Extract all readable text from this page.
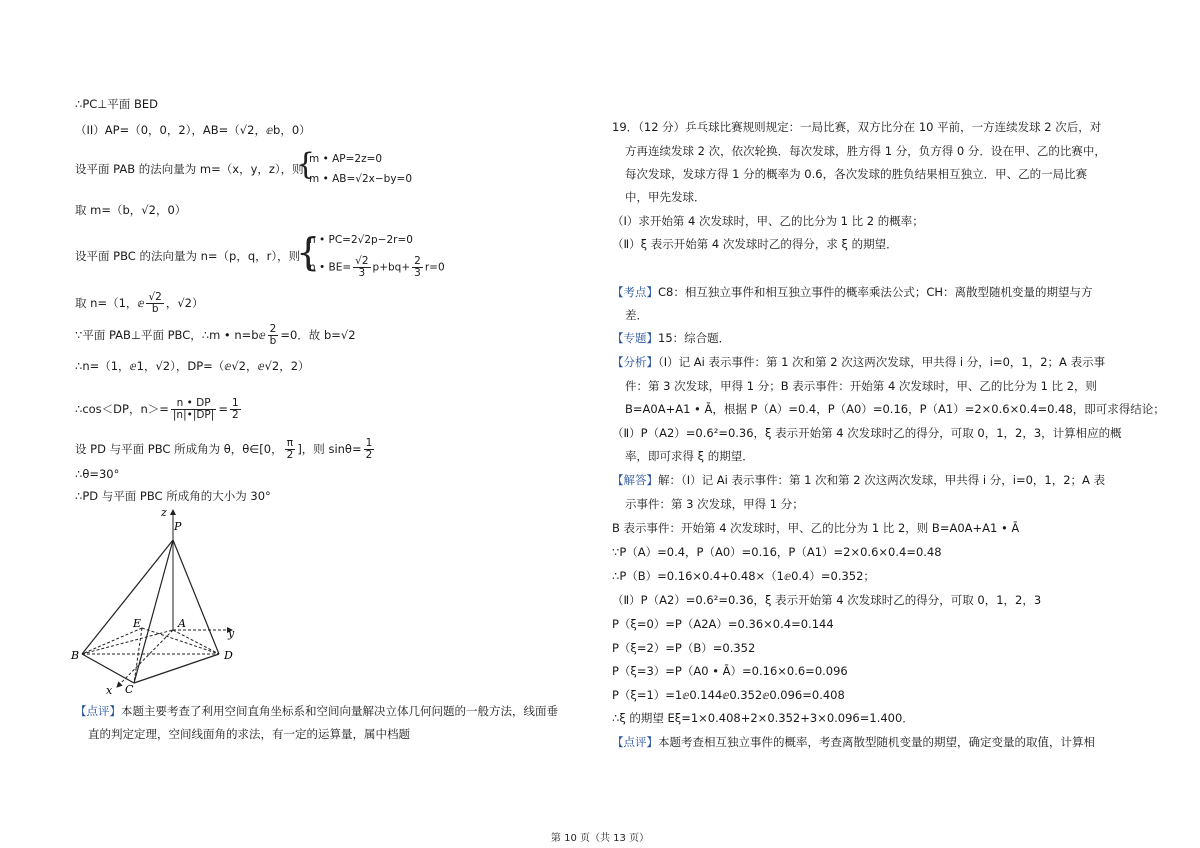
∴PC⊥平面 BED
（II）AP=（0，0，2），AB=（√2，ⅇb，0）
设平面 PAB 的法向量为 m=（x，y，z），则
{
m • AP=2z=0
m • AB=√2x−by=0
取 m=（b，√2，0）
设平面 PBC 的法向量为 n=（p，q，r），则
{
n • PC=2√2p−2r=0
n • $BE= \frac{√2}{3} p+bq+ \frac{2}{3} r=0$
取 n=（1，ⅇ $\frac{√2}{b}$ ，√2）
∵平面 PAB⊥平面 PBC，∴m • n=bⅇ $\frac{2}{b} =0$．故 b=√2
∴n=（1，ⅇ1，√2），DP=（ⅇ√2，ⅇ√2，2）
∴cos＜DP，$n>= \frac{n • DP}{|n|•|DP|} = \frac{1}{2}$
设 PD 与平面 PBC 所成角为 θ，θ∈[0， $\frac{\pi}{2}$ ]，则 $\sin\theta= \frac{1}{2}$
∴θ=30°
∴PD 与平面 PBC 所成角的大小为 30°
z
P
E	A
y
B	D
x C
【点评】本题主要考查了利用空间直角坐标系和空间向量解决立体几何问题的一般方法，线面垂
直的判定定理，空间线面角的求法，有一定的运算量，属中档题
19．（12 分）乒乓球比赛规则规定：一局比赛，双方比分在 10 平前，一方连续发球 2 次后，对
方再连续发球 2 次，依次轮换．每次发球，胜方得 1 分，负方得 0 分．设在甲、乙的比赛中，
每次发球，发球方得 1 分的概率为 0.6，各次发球的胜负结果相互独立．甲、乙的一局比赛
中，甲先发球．
（Ⅰ）求开始第 4 次发球时，甲、乙的比分为 1 比 2 的概率；
（Ⅱ）ξ 表示开始第 4 次发球时乙的得分，求 ξ 的期望．
【考点】C8：相互独立事件和相互独立事件的概率乘法公式；CH：离散型随机变量的期望与方
差．
【专题】15：综合题．
【分析】（Ⅰ）记 Ai 表示事件：第 1 次和第 2 次这两次发球，甲共得 i 分，i=0，1，2；A 表示事
件：第 3 次发球，甲得 1 分；B 表示事件：开始第 4 次发球时，甲、乙的比分为 1 比 2，则
B=A0A+A1 • Ā，根据 P（A）=0.4，P（A0）=0.16，P（A1）=2×0.6×0.4=0.48，即可求得结论；
（Ⅱ）P（A2）=0.6²=0.36，ξ 表示开始第 4 次发球时乙的得分，可取 0，1，2，3，计算相应的概
率，即可求得 ξ 的期望．
【解答】解：（Ⅰ）记 Ai 表示事件：第 1 次和第 2 次这两次发球，甲共得 i 分，i=0，1，2；A 表
示事件：第 3 次发球，甲得 1 分；
B 表示事件：开始第 4 次发球时，甲、乙的比分为 1 比 2，则 B=A0A+A1 • Ā
∵P（A）=0.4，P（A0）=0.16，P（A1）=2×0.6×0.4=0.48
∴P（B）=0.16×0.4+0.48×（1ⅇ0.4）=0.352；
（Ⅱ）P（A2）=0.6²=0.36，ξ 表示开始第 4 次发球时乙的得分，可取 0，1，2，3
P（ξ=0）=P（A2A）=0.36×0.4=0.144
P（ξ=2）=P（B）=0.352
P（ξ=3）=P（A0 • Ā）=0.16×0.6=0.096
P（ξ=1）=1ⅇ0.144ⅇ0.352ⅇ0.096=0.408
∴ξ 的期望 Eξ=1×0.408+2×0.352+3×0.096=1.400．
【点评】本题考查相互独立事件的概率，考查离散型随机变量的期望，确定变量的取值，计算相
第 10 页（共 13 页）
